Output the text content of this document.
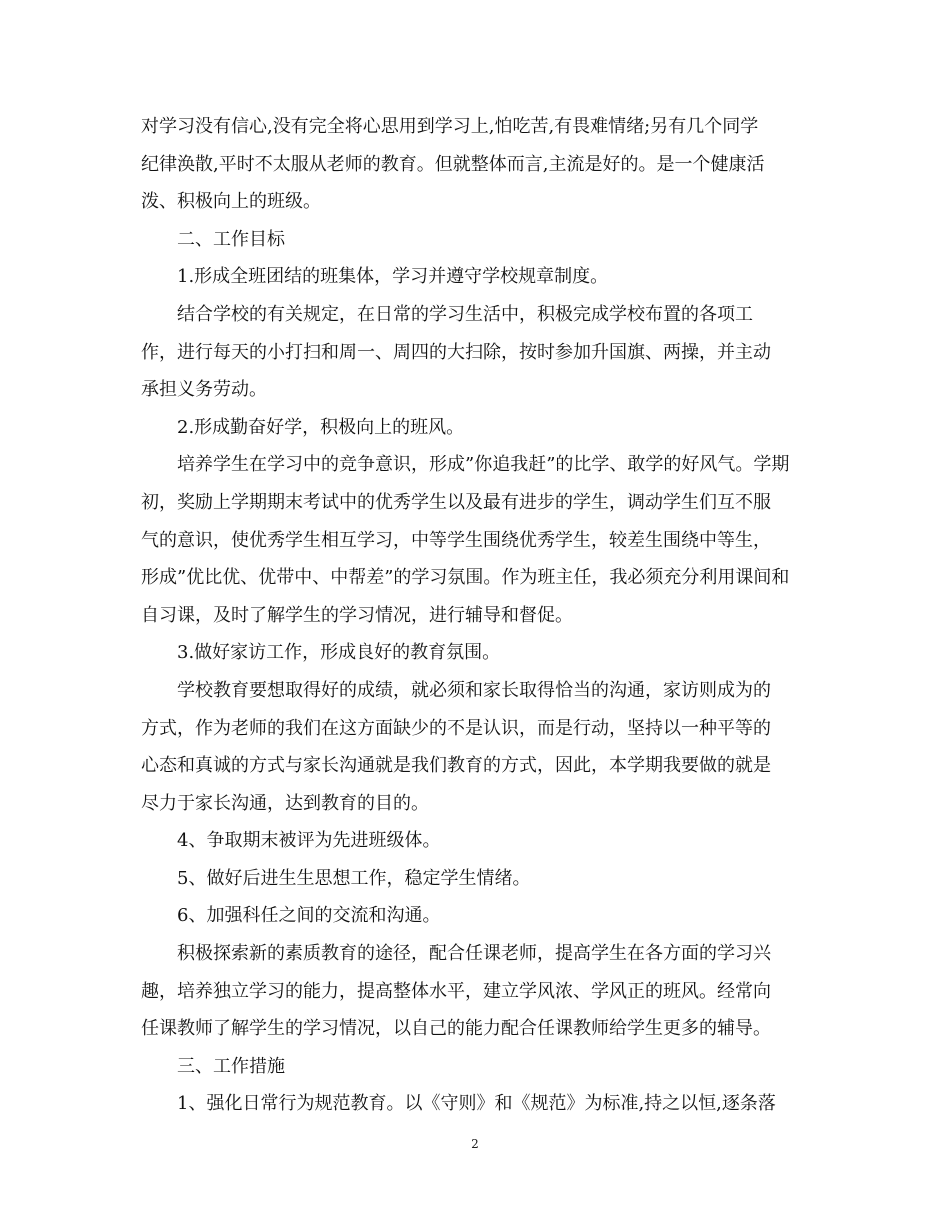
对学习没有信心,没有完全将心思用到学习上,怕吃苦,有畏难情绪;另有几个同学
纪律涣散,平时不太服从老师的教育。但就整体而言,主流是好的。是一个健康活
泼、积极向上的班级。
二、工作目标
1.形成全班团结的班集体，学习并遵守学校规章制度。
结合学校的有关规定，在日常的学习生活中，积极完成学校布置的各项工
作，进行每天的小打扫和周一、周四的大扫除，按时参加升国旗、两操，并主动
承担义务劳动。
2.形成勤奋好学，积极向上的班风。
培养学生在学习中的竞争意识，形成”你追我赶”的比学、敢学的好风气。学期
初，奖励上学期期末考试中的优秀学生以及最有进步的学生，调动学生们互不服
气的意识，使优秀学生相互学习，中等学生围绕优秀学生，较差生围绕中等生，
形成”优比优、优带中、中帮差”的学习氛围。作为班主任，我必须充分利用课间和
自习课，及时了解学生的学习情况，进行辅导和督促。
3.做好家访工作，形成良好的教育氛围。
学校教育要想取得好的成绩，就必须和家长取得恰当的沟通，家访则成为的
方式，作为老师的我们在这方面缺少的不是认识，而是行动，坚持以一种平等的
心态和真诚的方式与家长沟通就是我们教育的方式，因此，本学期我要做的就是
尽力于家长沟通，达到教育的目的。
4、争取期末被评为先进班级体。
5、做好后进生生思想工作，稳定学生情绪。
6、加强科任之间的交流和沟通。
积极探索新的素质教育的途径，配合任课老师，提高学生在各方面的学习兴
趣，培养独立学习的能力，提高整体水平，建立学风浓、学风正的班风。经常向
任课教师了解学生的学习情况，以自己的能力配合任课教师给学生更多的辅导。
三、工作措施
1、强化日常行为规范教育。以《守则》和《规范》为标准,持之以恒,逐条落
2
